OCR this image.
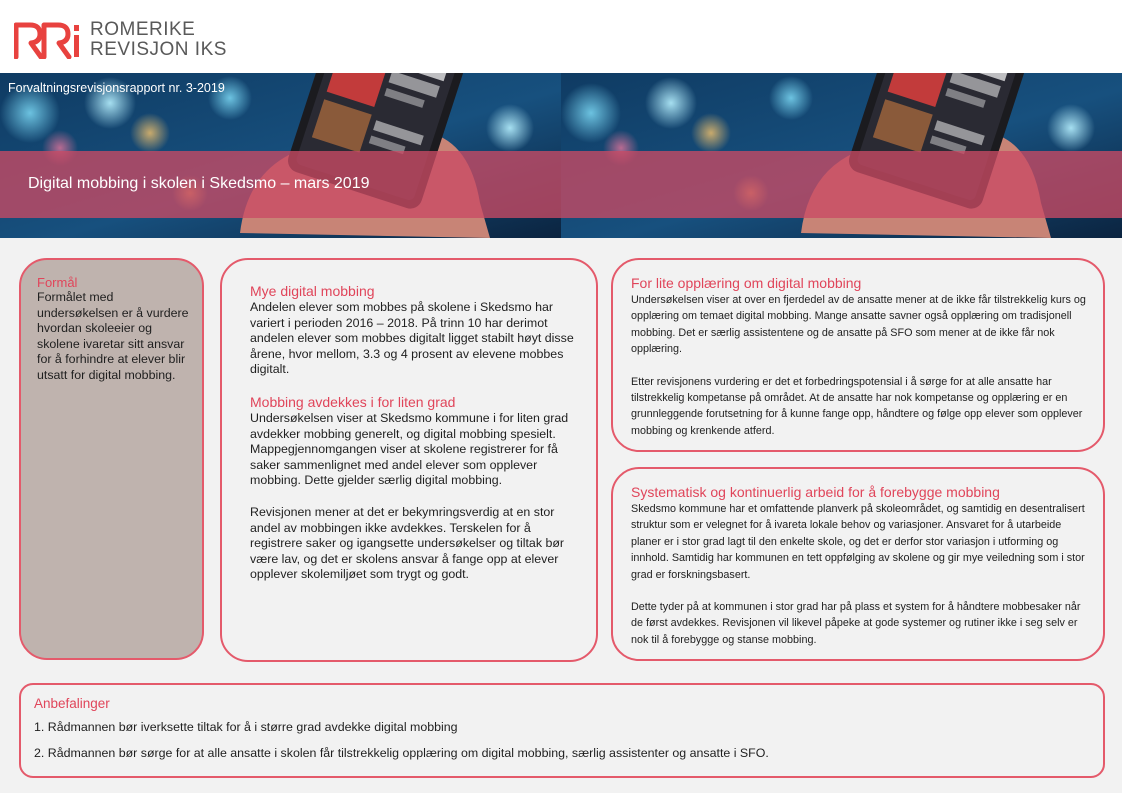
ROMERIKE
REVISJON IKS
Forvaltningsrevisjonsrapport nr. 3-2019
Digital mobbing i skolen i Skedsmo – mars 2019
Formål

Formålet med undersøkelsen er å vurdere hvordan skoleeier og skolene ivaretar sitt ansvar for å forhindre at elever blir utsatt for digital mobbing.

Mye digital mobbing

Andelen elever som mobbes på skolene i Skedsmo har variert i perioden 2016 – 2018. På trinn 10 har derimot andelen elever som mobbes digitalt ligget stabilt høyt disse årene, hvor mellom, 3.3 og 4 prosent av elevene mobbes digitalt.

Mobbing avdekkes i for liten grad

Undersøkelsen viser at Skedsmo kommune i for liten grad avdekker mobbing generelt, og digital mobbing spesielt. Mappegjennomgangen viser at skolene registrerer for få saker sammenlignet med andel elever som opplever mobbing. Dette gjelder særlig digital mobbing.

Revisjonen mener at det er bekymringsverdig at en stor andel av mobbingen ikke avdekkes. Terskelen for å registrere saker og igangsette undersøkelser og tiltak bør være lav, og det er skolens ansvar å fange opp at elever opplever skolemiljøet som trygt og godt.

For lite opplæring om digital mobbing

Undersøkelsen viser at over en fjerdedel av de ansatte mener at de ikke får tilstrekkelig kurs og opplæring om temaet digital mobbing. Mange ansatte savner også opplæring om tradisjonell mobbing. Det er særlig assistentene og de ansatte på SFO som mener at de ikke får nok opplæring.

Etter revisjonens vurdering er det et forbedringspotensial i å sørge for at alle ansatte har tilstrekkelig kompetanse på området. At de ansatte har nok kompetanse og opplæring er en grunnleggende forutsetning for å kunne fange opp, håndtere og følge opp elever som opplever mobbing og krenkende atferd.

Systematisk og kontinuerlig arbeid for å forebygge mobbing

Skedsmo kommune har et omfattende planverk på skoleområdet, og samtidig en desentralisert struktur som er velegnet for å ivareta lokale behov og variasjoner. Ansvaret for å utarbeide planer er i stor grad lagt til den enkelte skole, og det er derfor stor variasjon i utforming og innhold. Samtidig har kommunen en tett oppfølging av skolene og gir mye veiledning som i stor grad er forskningsbasert.

Dette tyder på at kommunen i stor grad har på plass et system for å håndtere mobbesaker når de først avdekkes. Revisjonen vil likevel påpeke at gode systemer og rutiner ikke i seg selv er nok til å forebygge og stanse mobbing.

Anbefalinger

1. Rådmannen bør iverksette tiltak for å i større grad avdekke digital mobbing

2. Rådmannen bør sørge for at alle ansatte i skolen får tilstrekkelig opplæring om digital mobbing, særlig assistenter og ansatte i SFO.
